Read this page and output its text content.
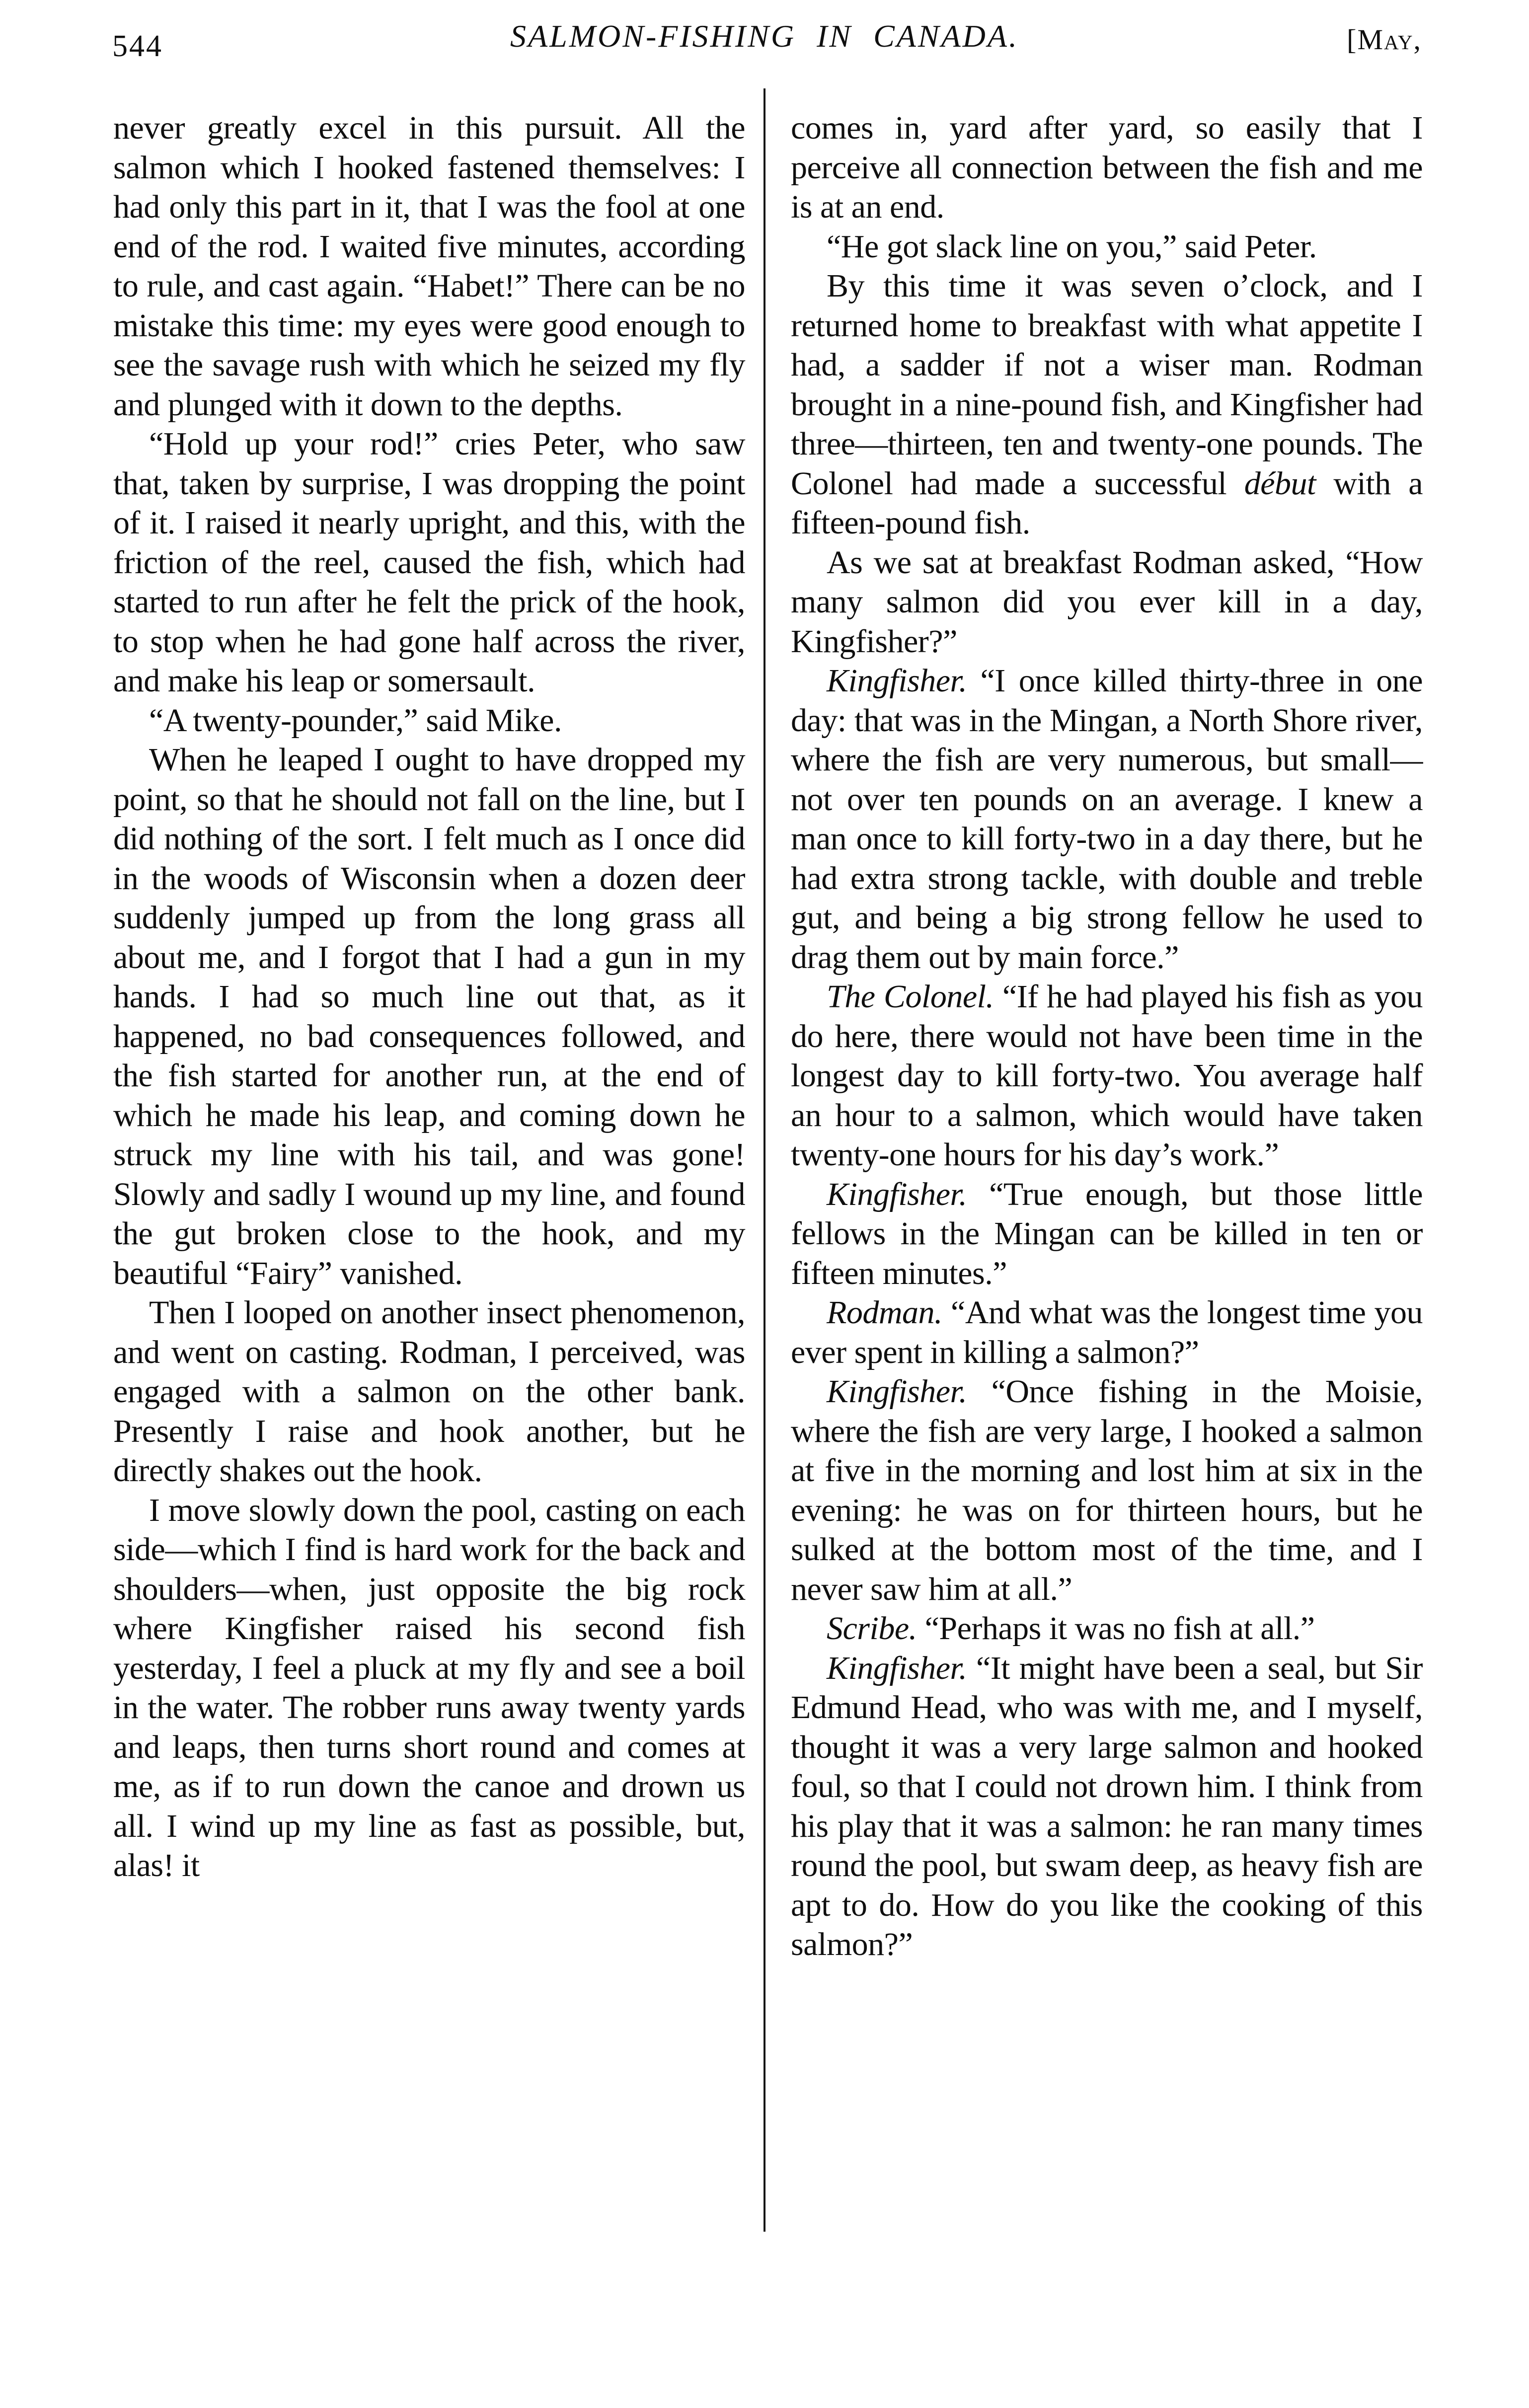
544	SALMON-FISHING IN CANADA.	[May,

never greatly excel in this pursuit. All the salmon which I hooked fastened themselves: I had only this part in it, that I was the fool at one end of the rod. I waited five minutes, according to rule, and cast again. “Habet!” There can be no mistake this time: my eyes were good enough to see the savage rush with which he seized my fly and plunged with it down to the depths.

“Hold up your rod!” cries Peter, who saw that, taken by surprise, I was dropping the point of it. I raised it nearly upright, and this, with the friction of the reel, caused the fish, which had started to run after he felt the prick of the hook, to stop when he had gone half across the river, and make his leap or somersault.

“A twenty-pounder,” said Mike.

When he leaped I ought to have dropped my point, so that he should not fall on the line, but I did nothing of the sort. I felt much as I once did in the woods of Wisconsin when a dozen deer suddenly jumped up from the long grass all about me, and I forgot that I had a gun in my hands. I had so much line out that, as it happened, no bad consequences followed, and the fish started for another run, at the end of which he made his leap, and coming down he struck my line with his tail, and was gone! Slowly and sadly I wound up my line, and found the gut broken close to the hook, and my beautiful “Fairy” vanished.

Then I looped on another insect phenomenon, and went on casting. Rodman, I perceived, was engaged with a salmon on the other bank. Presently I raise and hook another, but he directly shakes out the hook.

I move slowly down the pool, casting on each side—which I find is hard work for the back and shoulders—when, just opposite the big rock where Kingfisher raised his second fish yesterday, I feel a pluck at my fly and see a boil in the water. The robber runs away twenty yards and leaps, then turns short round and comes at me, as if to run down the canoe and drown us all. I wind up my line as fast as possible, but, alas! it

comes in, yard after yard, so easily that I perceive all connection between the fish and me is at an end.

“He got slack line on you,” said Peter.

By this time it was seven o’clock, and I returned home to breakfast with what appetite I had, a sadder if not a wiser man. Rodman brought in a nine-pound fish, and Kingfisher had three—thirteen, ten and twenty-one pounds. The Colonel had made a successful début with a fifteen-pound fish.

As we sat at breakfast Rodman asked, “How many salmon did you ever kill in a day, Kingfisher?”

Kingfisher. “I once killed thirty-three in one day: that was in the Mingan, a North Shore river, where the fish are very numerous, but small—not over ten pounds on an average. I knew a man once to kill forty-two in a day there, but he had extra strong tackle, with double and treble gut, and being a big strong fellow he used to drag them out by main force.”

The Colonel. “If he had played his fish as you do here, there would not have been time in the longest day to kill forty-two. You average half an hour to a salmon, which would have taken twenty-one hours for his day’s work.”

Kingfisher. “True enough, but those little fellows in the Mingan can be killed in ten or fifteen minutes.”

Rodman. “And what was the longest time you ever spent in killing a salmon?”

Kingfisher. “Once fishing in the Moisie, where the fish are very large, I hooked a salmon at five in the morning and lost him at six in the evening: he was on for thirteen hours, but he sulked at the bottom most of the time, and I never saw him at all.”

Scribe. “Perhaps it was no fish at all.”

Kingfisher. “It might have been a seal, but Sir Edmund Head, who was with me, and I myself, thought it was a very large salmon and hooked foul, so that I could not drown him. I think from his play that it was a salmon: he ran many times round the pool, but swam deep, as heavy fish are apt to do. How do you like the cooking of this salmon?”
